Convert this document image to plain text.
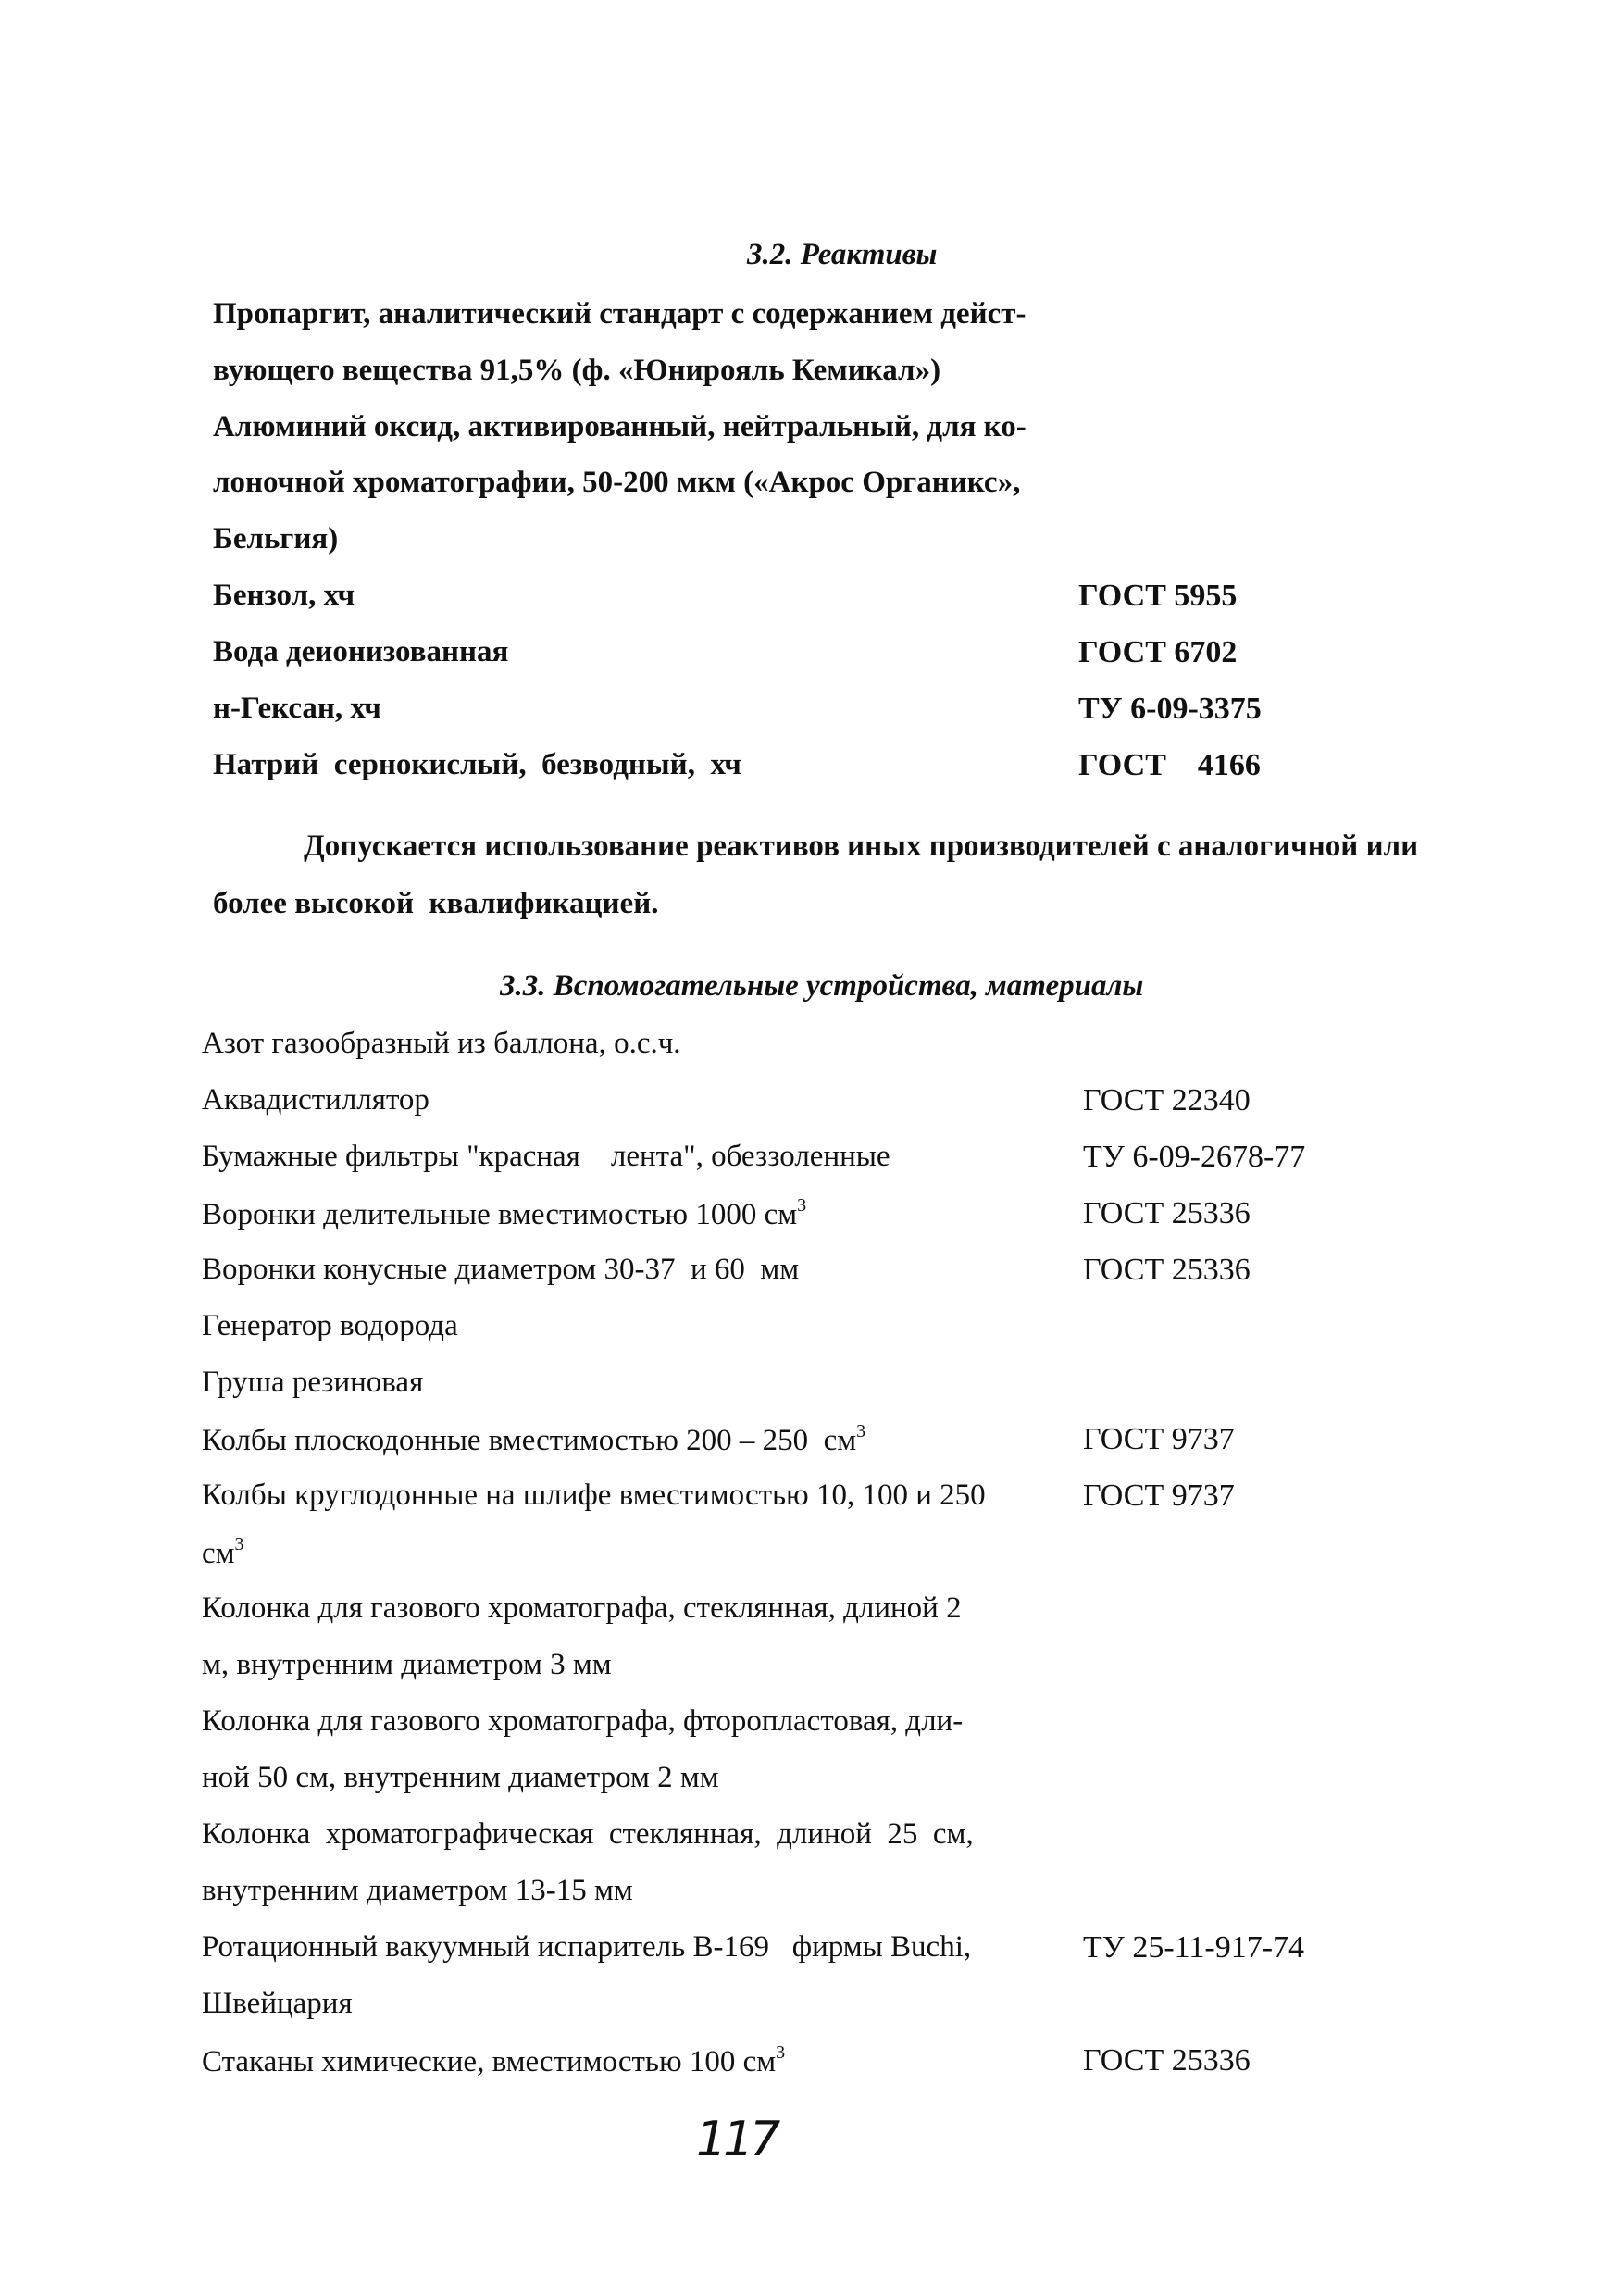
3.2. Реактивы
Пропаргит, аналитический стандарт с содержанием дейст-
вующего вещества 91,5% (ф. «Юнирояль Кемикал»)
Алюминий оксид, активированный, нейтральный, для ко-
лоночной хроматографии, 50-200 мкм («Акрос Органикс»,
Бельгия)
Бензол, хч	ГОСТ 5955
Вода деионизованная	ГОСТ 6702
н-Гексан, хч	ТУ 6-09-3375
Натрий  сернокислый,  безводный,  хч	ГОСТ    4166
Допускается использование реактивов иных производителей с аналогичной или
более высокой  квалификацией.
3.3. Вспомогательные устройства, материалы
Азот газообразный из баллона, о.с.ч.
Аквадистиллятор	ГОСТ 22340
Бумажные фильтры "красная    лента", обеззоленные	ТУ 6-09-2678-77
Воронки делительные вместимостью 1000 $см^3$	ГОСТ 25336
Воронки конусные диаметром 30-37  и 60  мм	ГОСТ 25336
Генератор водорода
Груша резиновая
Колбы плоскодонные вместимостью 200 – 250  $см^3$	ГОСТ 9737
Колбы круглодонные на шлифе вместимостью 10, 100 и 250	ГОСТ 9737
$см^3$
Колонка для газового хроматографа, стеклянная, длиной 2
м, внутренним диаметром 3 мм
Колонка для газового хроматографа, фторопластовая, дли-
ной 50 см, внутренним диаметром 2 мм
Колонка  хроматографическая  стеклянная,  длиной  25  см,
внутренним диаметром 13-15 мм
Ротационный вакуумный испаритель В-169   фирмы Buchi,	ТУ 25-11-917-74
Швейцария
Стаканы химические, вместимостью 100 $см^3$	ГОСТ 25336
117
